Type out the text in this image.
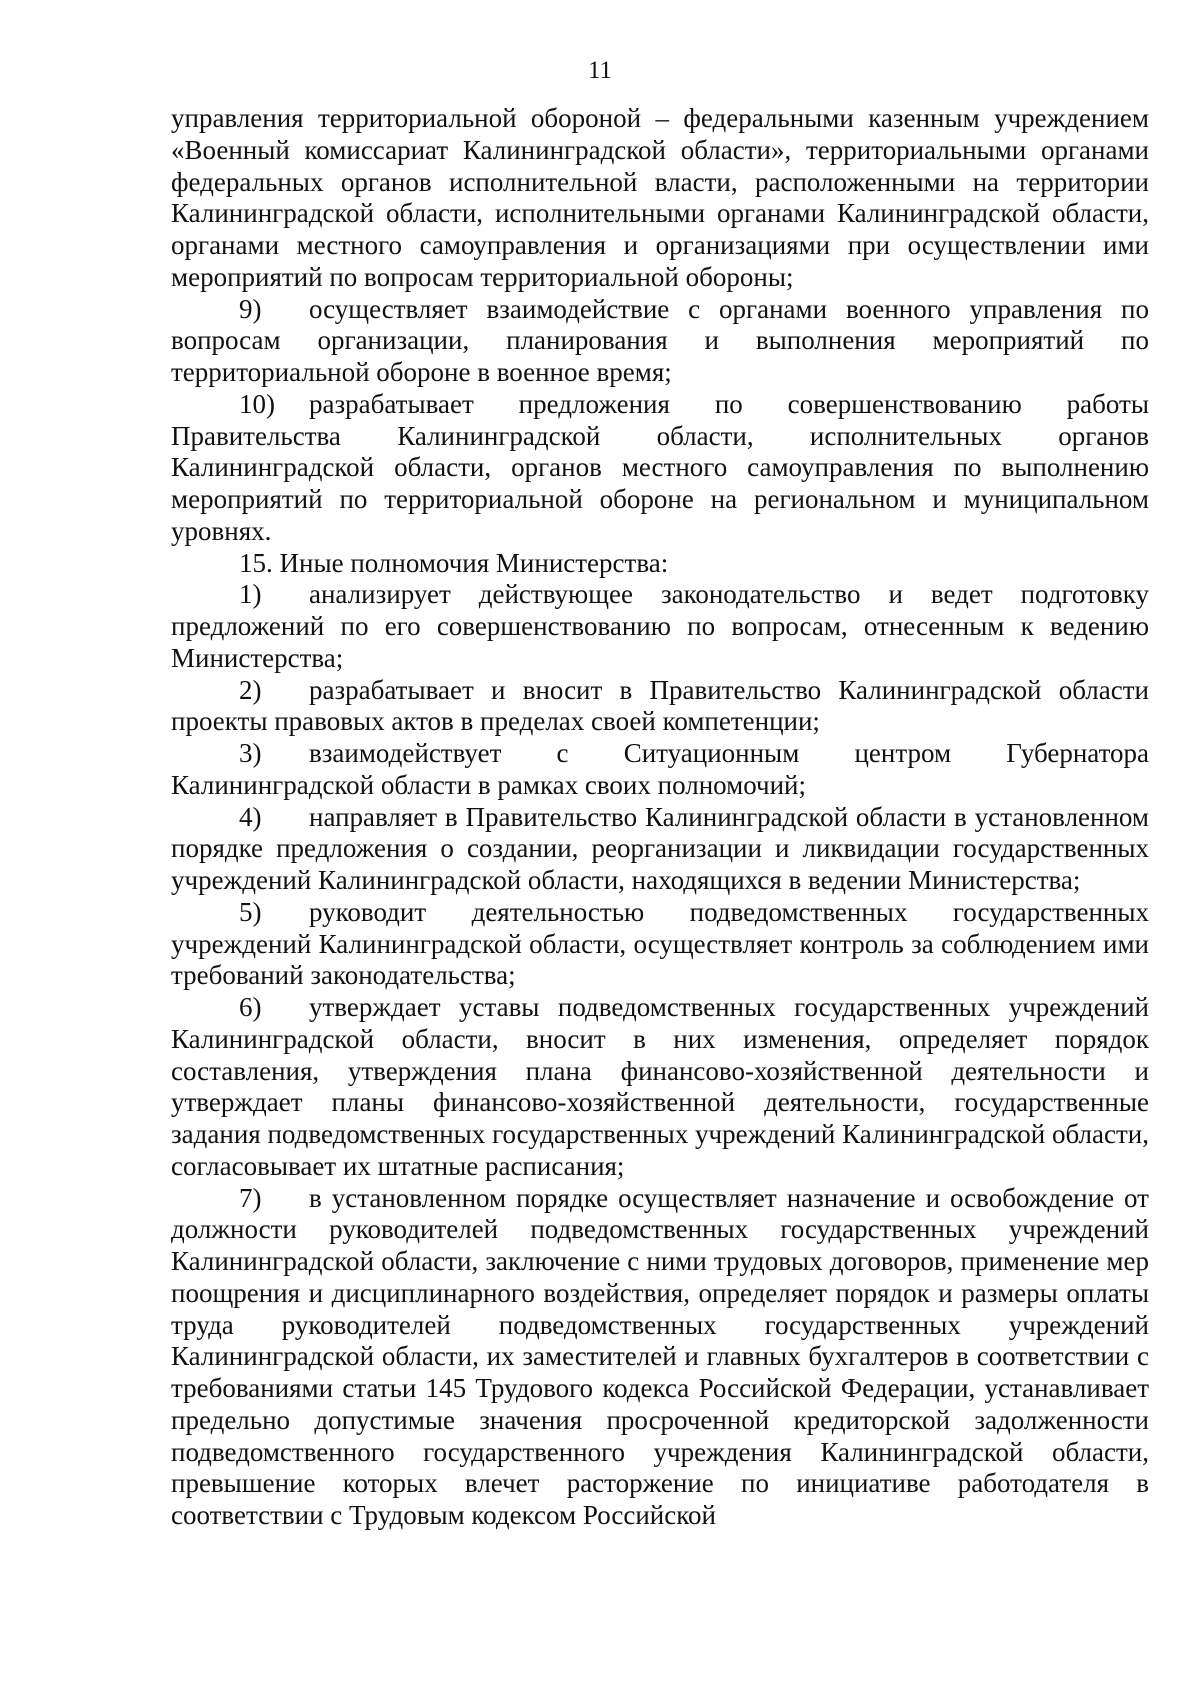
11

управления территориальной обороной – федеральными казенным учреждением «Военный комиссариат Калининградской области», территориальными органами федеральных органов исполнительной власти, расположенными на территории Калининградской области, исполнительными органами Калининградской области, органами местного самоуправления и организациями при осуществлении ими мероприятий по вопросам территориальной обороны;

9) осуществляет взаимодействие с органами военного управления по вопросам организации, планирования и выполнения мероприятий по территориальной обороне в военное время;

10) разрабатывает предложения по совершенствованию работы Правительства Калининградской области, исполнительных органов Калининградской области, органов местного самоуправления по выполнению мероприятий по территориальной обороне на региональном и муниципальном уровнях.

15. Иные полномочия Министерства:

1) анализирует действующее законодательство и ведет подготовку предложений по его совершенствованию по вопросам, отнесенным к ведению Министерства;

2) разрабатывает и вносит в Правительство Калининградской области проекты правовых актов в пределах своей компетенции;

3) взаимодействует с Ситуационным центром Губернатора Калининградской области в рамках своих полномочий;

4) направляет в Правительство Калининградской области в установленном порядке предложения о создании, реорганизации и ликвидации государственных учреждений Калининградской области, находящихся в ведении Министерства;

5) руководит деятельностью подведомственных государственных учреждений Калининградской области, осуществляет контроль за соблюдением ими требований законодательства;

6) утверждает уставы подведомственных государственных учреждений Калининградской области, вносит в них изменения, определяет порядок составления, утверждения плана финансово-хозяйственной деятельности и утверждает планы финансово-хозяйственной деятельности, государственные задания подведомственных государственных учреждений Калининградской области, согласовывает их штатные расписания;

7) в установленном порядке осуществляет назначение и освобождение от должности руководителей подведомственных государственных учреждений Калининградской области, заключение с ними трудовых договоров, применение мер поощрения и дисциплинарного воздействия, определяет порядок и размеры оплаты труда руководителей подведомственных государственных учреждений Калининградской области, их заместителей и главных бухгалтеров в соответствии с требованиями статьи 145 Трудового кодекса Российской Федерации, устанавливает предельно допустимые значения просроченной кредиторской задолженности подведомственного государственного учреждения Калининградской области, превышение которых влечет расторжение по инициативе работодателя в соответствии с Трудовым кодексом Российской
